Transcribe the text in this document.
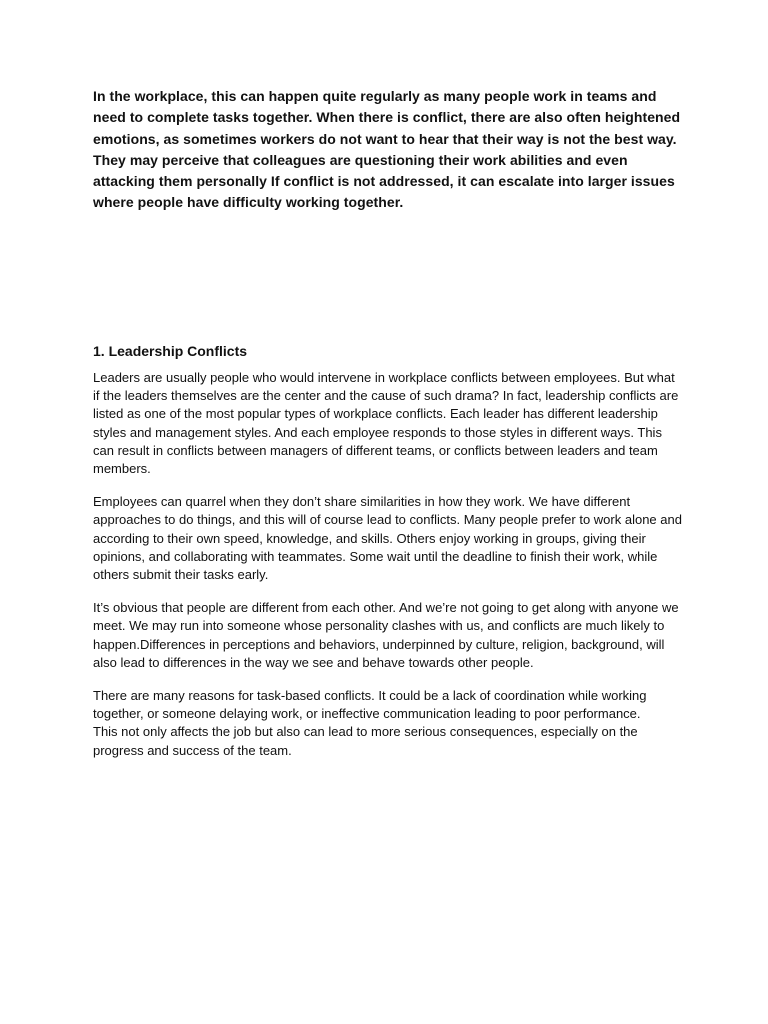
In the workplace, this can happen quite regularly as many people work in teams and need to complete tasks together. When there is conflict, there are also often heightened emotions, as sometimes workers do not want to hear that their way is not the best way. They may perceive that colleagues are questioning their work abilities and even attacking them personally If conflict is not addressed, it can escalate into larger issues where people have difficulty working together.

1. Leadership Conflicts

Leaders are usually people who would intervene in workplace conflicts between employees. But what if the leaders themselves are the center and the cause of such drama? In fact, leadership conflicts are listed as one of the most popular types of workplace conflicts. Each leader has different leadership styles and management styles. And each employee responds to those styles in different ways. This can result in conflicts between managers of different teams, or conflicts between leaders and team members.

Employees can quarrel when they don’t share similarities in how they work. We have different approaches to do things, and this will of course lead to conflicts. Many people prefer to work alone and according to their own speed, knowledge, and skills. Others enjoy working in groups, giving their opinions, and collaborating with teammates. Some wait until the deadline to finish their work, while others submit their tasks early.

It’s obvious that people are different from each other. And we’re not going to get along with anyone we meet. We may run into someone whose personality clashes with us, and conflicts are much likely to happen.Differences in perceptions and behaviors, underpinned by culture, religion, background, will also lead to differences in the way we see and behave towards other people.

There are many reasons for task-based conflicts. It could be a lack of coordination while working together, or someone delaying work, or ineffective communication leading to poor performance.
This not only affects the job but also can lead to more serious consequences, especially on the progress and success of the team.
